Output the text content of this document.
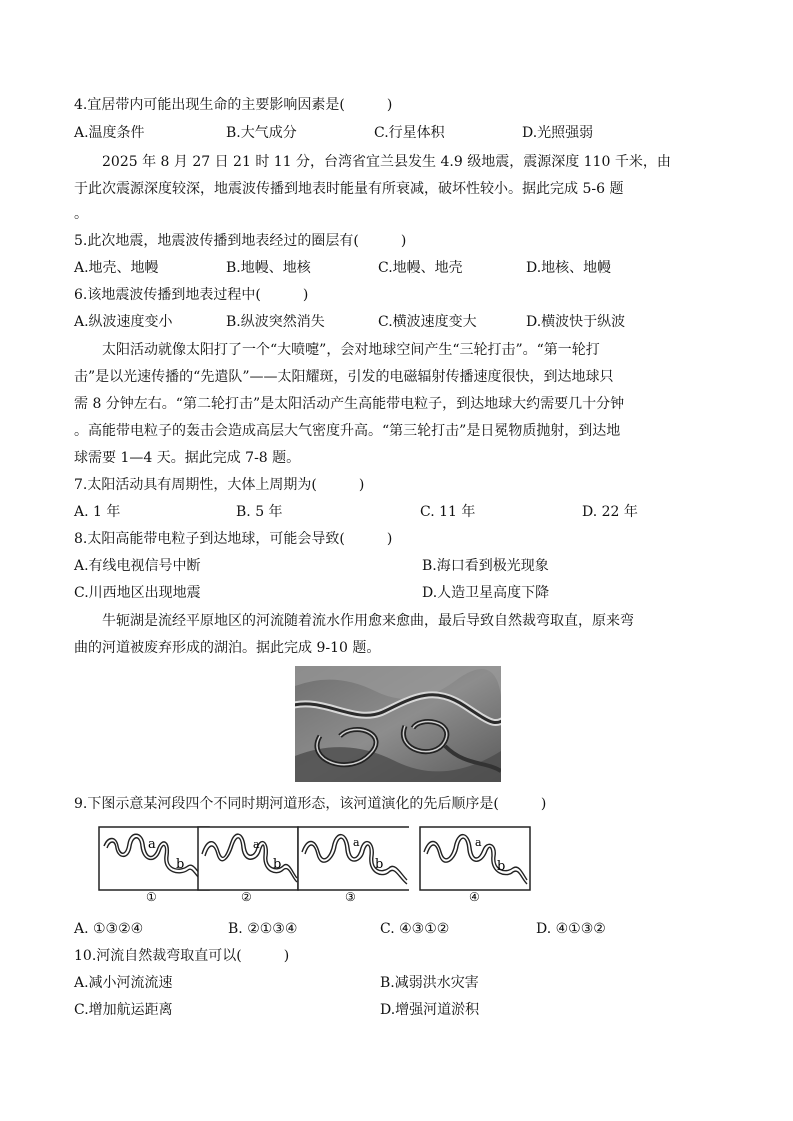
4.宜居带内可能出现生命的主要影响因素是(　　　)
A.温度条件	B.大气成分	C.行星体积	D.光照强弱
2025 年 8 月 27 日 21 时 11 分，台湾省宜兰县发生 4.9 级地震，震源深度 110 千米，由
于此次震源深度较深，地震波传播到地表时能量有所衰减，破坏性较小。据此完成 5-6 题
。
5.此次地震，地震波传播到地表经过的圈层有(　　　)
A.地壳、地幔	B.地幔、地核	C.地幔、地壳	D.地核、地幔
6.该地震波传播到地表过程中(　　　)
A.纵波速度变小	B.纵波突然消失	C.横波速度变大	D.横波快于纵波
太阳活动就像太阳打了一个“大喷嚏”，会对地球空间产生“三轮打击”。“第一轮打
击”是以光速传播的“先遣队”——太阳耀斑，引发的电磁辐射传播速度很快，到达地球只
需 8 分钟左右。“第二轮打击”是太阳活动产生高能带电粒子，到达地球大约需要几十分钟
。高能带电粒子的轰击会造成高层大气密度升高。“第三轮打击”是日冕物质抛射，到达地
球需要 1—4 天。据此完成 7-8 题。
7.太阳活动具有周期性，大体上周期为(　　　)
A. 1 年	B. 5 年	C. 11 年	D. 22 年
8.太阳高能带电粒子到达地球，可能会导致(　　　)
A.有线电视信号中断	B.海口看到极光现象
C.川西地区出现地震	D.人造卫星高度下降
牛轭湖是流经平原地区的河流随着流水作用愈来愈曲，最后导致自然裁弯取直，原来弯
曲的河道被废弃形成的湖泊。据此完成 9-10 题。
9.下图示意某河段四个不同时期河道形态，该河道演化的先后顺序是(　　　)
a
b
①
a
b
②
a
b
③
a
b
④
A. ①③②④	B. ②①③④	C. ④③①②	D. ④①③②
10.河流自然裁弯取直可以(　　　)
A.减小河流流速	B.减弱洪水灾害
C.增加航运距离	D.增强河道淤积
